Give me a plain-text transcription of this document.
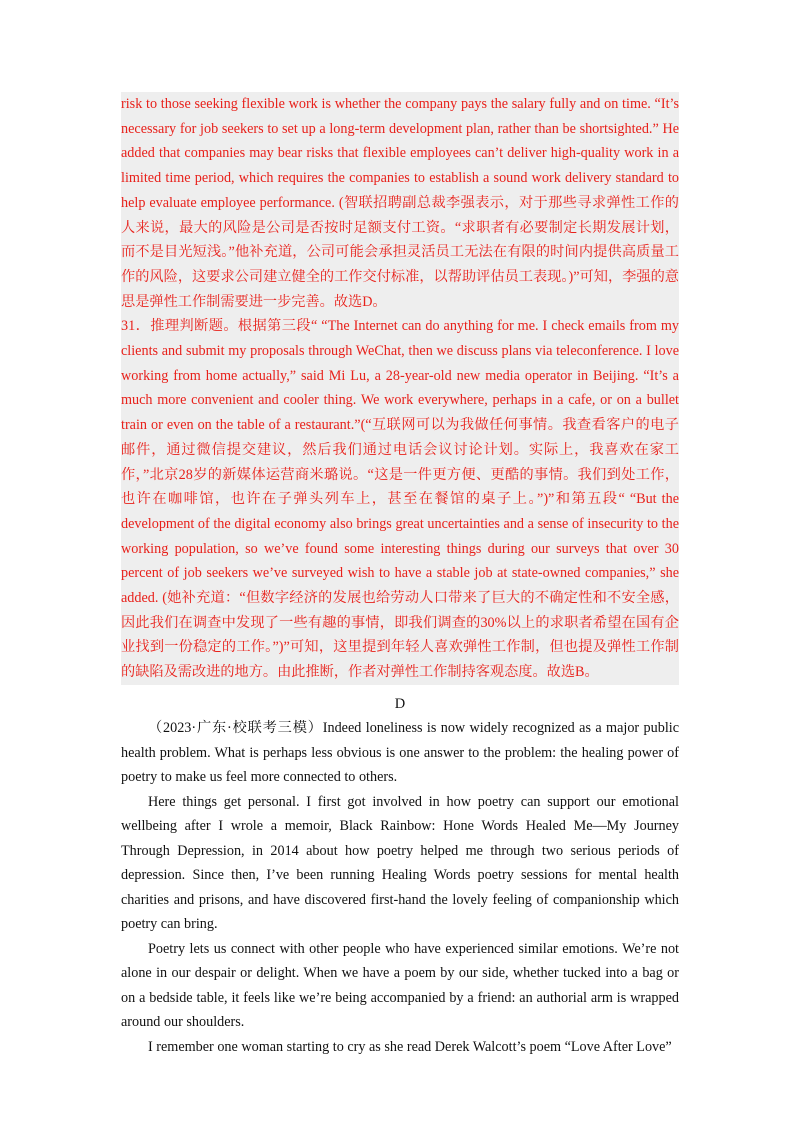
risk to those seeking flexible work is whether the company pays the salary fully and on time. “It’s necessary for job seekers to set up a long-term development plan, rather than be shortsighted.” He added that companies may bear risks that flexible employees can’t deliver high-quality work in a limited time period, which requires the companies to establish a sound work delivery standard to help evaluate employee performance. (智联招聘副总裁李强表示，对于那些寻求弹性工作的人来说，最大的风险是公司是否按时足额支付工资。“求职者有必要制定长期发展计划，而不是目光短浅。”他补充道，公司可能会承担灵活员工无法在有限的时间内提供高质量工作的风险，这要求公司建立健全的工作交付标准，以帮助评估员工表现。)”可知，李强的意思是弹性工作制需要进一步完善。故选D。

31．推理判断题。根据第三段“ “The Internet can do anything for me. I check emails from my clients and submit my proposals through WeChat, then we discuss plans via teleconference. I love working from home actually,” said Mi Lu, a 28-year-old new media operator in Beijing. “It’s a much more convenient and cooler thing. We work everywhere, perhaps in a cafe, or on a bullet train or even on the table of a restaurant.”(“互联网可以为我做任何事情。我查看客户的电子邮件，通过微信提交建议，然后我们通过电话会议讨论计划。实际上，我喜欢在家工作，”北京28岁的新媒体运营商米璐说。“这是一件更方便、更酷的事情。我们到处工作，也许在咖啡馆，也许在子弹头列车上，甚至在餐馆的桌子上。”)”和第五段“ “But the development of the digital economy also brings great uncertainties and a sense of insecurity to the working population, so we’ve found some interesting things during our surveys that over 30 percent of job seekers we’ve surveyed wish to have a stable job at state-owned companies,” she added. (她补充道：“但数字经济的发展也给劳动人口带来了巨大的不确定性和不安全感，因此我们在调查中发现了一些有趣的事情，即我们调查的30%以上的求职者希望在国有企业找到一份稳定的工作。”)”可知，这里提到年轻人喜欢弹性工作制，但也提及弹性工作制的缺陷及需改进的地方。由此推断，作者对弹性工作制持客观态度。故选B。

D

（2023·广东·校联考三模）Indeed loneliness is now widely recognized as a major public health problem. What is perhaps less obvious is one answer to the problem: the healing power of poetry to make us feel more connected to others.

Here things get personal. I first got involved in how poetry can support our emotional wellbeing after I wrole a memoir, Black Rainbow: Hone Words Healed Me—My Journey Through Depression, in 2014 about how poetry helped me through two serious periods of depression. Since then, I’ve been running Healing Words poetry sessions for mental health charities and prisons, and have discovered first-hand the lovely feeling of companionship which poetry can bring.

Poetry lets us connect with other people who have experienced similar emotions. We’re not alone in our despair or delight. When we have a poem by our side, whether tucked into a bag or on a bedside table, it feels like we’re being accompanied by a friend: an authorial arm is wrapped around our shoulders.

I remember one woman starting to cry as she read Derek Walcott’s poem “Love After Love”
